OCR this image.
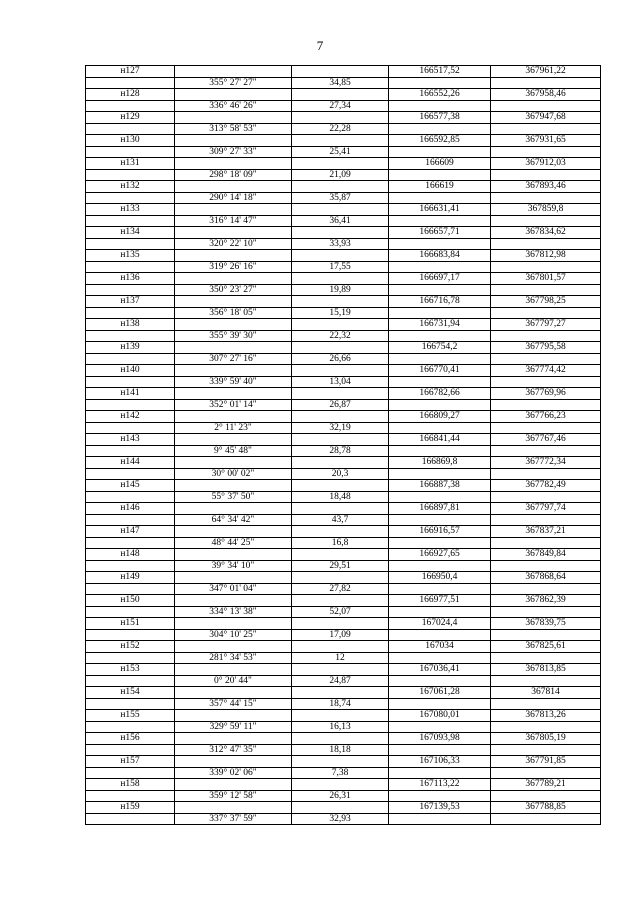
7
н127			166517,52	367961,22
	355° 27' 27"	34,85		
н128			166552,26	367958,46
	336° 46' 26"	27,34		
н129			166577,38	367947,68
	313° 58' 53"	22,28		
н130			166592,85	367931,65
	309° 27' 33"	25,41		
н131			166609	367912,03
	298° 18' 09"	21,09		
н132			166619	367893,46
	290° 14' 18"	35,87		
н133			166631,41	367859,8
	316° 14' 47"	36,41		
н134			166657,71	367834,62
	320° 22' 10"	33,93		
н135			166683,84	367812,98
	319° 26' 16"	17,55		
н136			166697,17	367801,57
	350° 23' 27"	19,89		
н137			166716,78	367798,25
	356° 18' 05"	15,19		
н138			166731,94	367797,27
	355° 39' 30"	22,32		
н139			166754,2	367795,58
	307° 27' 16"	26,66		
н140			166770,41	367774,42
	339° 59' 40"	13,04		
н141			166782,66	367769,96
	352° 01' 14"	26,87		
н142			166809,27	367766,23
	2° 11' 23"	32,19		
н143			166841,44	367767,46
	9° 45' 48"	28,78		
н144			166869,8	367772,34
	30° 00' 02"	20,3		
н145			166887,38	367782,49
	55° 37' 50"	18,48		
н146			166897,81	367797,74
	64° 34' 42"	43,7		
н147			166916,57	367837,21
	48° 44' 25"	16,8		
н148			166927,65	367849,84
	39° 34' 10"	29,51		
н149			166950,4	367868,64
	347° 01' 04"	27,82		
н150			166977,51	367862,39
	334° 13' 38"	52,07		
н151			167024,4	367839,75
	304° 10' 25"	17,09		
н152			167034	367825,61
	281° 34' 53"	12		
н153			167036,41	367813,85
	0° 20' 44"	24,87		
н154			167061,28	367814
	357° 44' 15"	18,74		
н155			167080,01	367813,26
	329° 59' 11"	16,13		
н156			167093,98	367805,19
	312° 47' 35"	18,18		
н157			167106,33	367791,85
	339° 02' 06"	7,38		
н158			167113,22	367789,21
	359° 12' 58"	26,31		
н159			167139,53	367788,85
	337° 37' 59"	32,93		
